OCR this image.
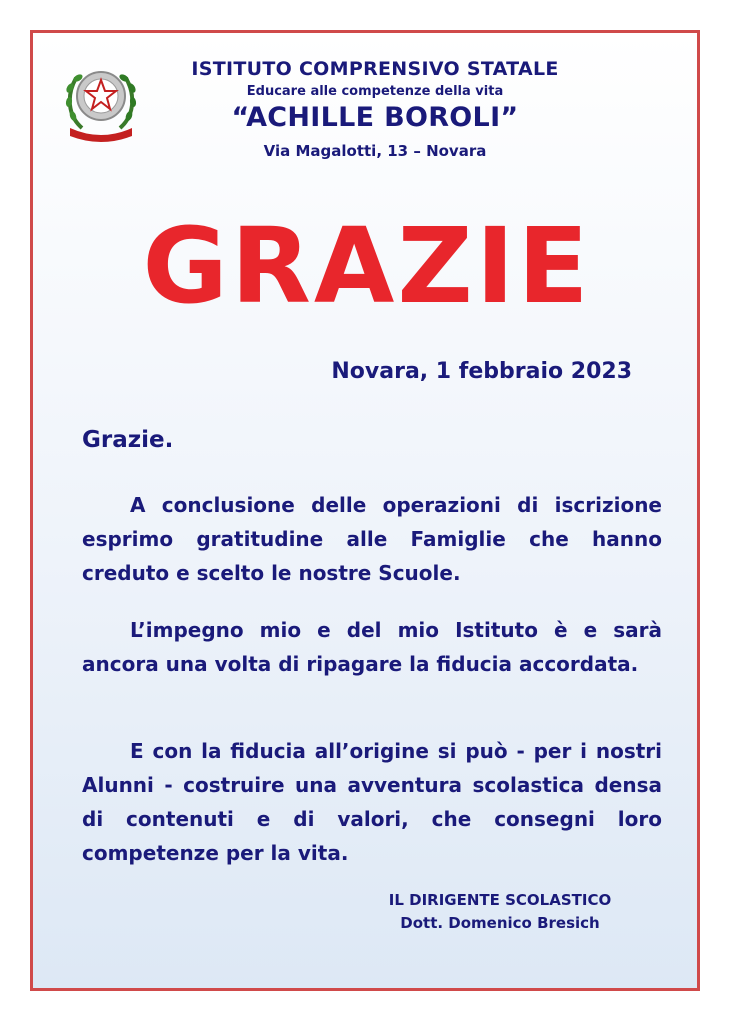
ISTITUTO COMPRENSIVO STATALE
Educare alle competenze della vita
“ACHILLE BOROLI”
Via Magalotti, 13 – Novara
GRAZIE
Novara, 1 febbraio 2023
Grazie.

A conclusione delle operazioni di iscrizione esprimo gratitudine alle Famiglie che hanno creduto e scelto le nostre Scuole.

L’impegno mio e del mio Istituto è e sarà ancora una volta di ripagare la fiducia accordata.

E con la fiducia all’origine si può - per i nostri Alunni - costruire una avventura scolastica densa di contenuti e di valori, che consegni loro competenze per la vita.

IL DIRIGENTE SCOLASTICO
Dott. Domenico Bresich
